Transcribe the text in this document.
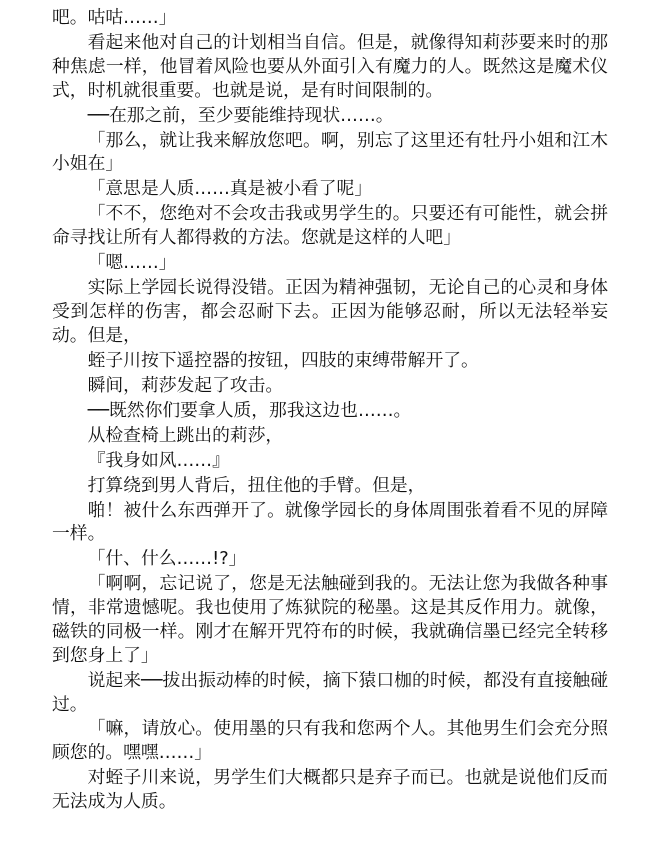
吧。咕咕……」

看起来他对自己的计划相当自信。但是，就像得知莉莎要来时的那种焦虑一样，他冒着风险也要从外面引入有魔力的人。既然这是魔术仪式，时机就很重要。也就是说，是有时间限制的。

──在那之前，至少要能维持现状……。

「那么，就让我来解放您吧。啊，别忘了这里还有牡丹小姐和江木小姐在」

「意思是人质……真是被小看了呢」

「不不，您绝对不会攻击我或男学生的。只要还有可能性，就会拼命寻找让所有人都得救的方法。您就是这样的人吧」

「嗯……」

实际上学园长说得没错。正因为精神强韧，无论自己的心灵和身体受到怎样的伤害，都会忍耐下去。正因为能够忍耐，所以无法轻举妄动。但是，

蛭子川按下遥控器的按钮，四肢的束缚带解开了。

瞬间，莉莎发起了攻击。

──既然你们要拿人质，那我这边也……。

从检查椅上跳出的莉莎，

『我身如风……』

打算绕到男人背后，扭住他的手臂。但是，

啪！被什么东西弹开了。就像学园长的身体周围张着看不见的屏障一样。

「什、什么……!?」

「啊啊，忘记说了，您是无法触碰到我的。无法让您为我做各种事情，非常遗憾呢。我也使用了炼狱院的秘墨。这是其反作用力。就像，磁铁的同极一样。刚才在解开咒符布的时候，我就确信墨已经完全转移到您身上了」

说起来──拔出振动棒的时候，摘下猿口枷的时候，都没有直接触碰过。

「嘛，请放心。使用墨的只有我和您两个人。其他男生们会充分照顾您的。嘿嘿……」

对蛭子川来说，男学生们大概都只是弃子而已。也就是说他们反而无法成为人质。
